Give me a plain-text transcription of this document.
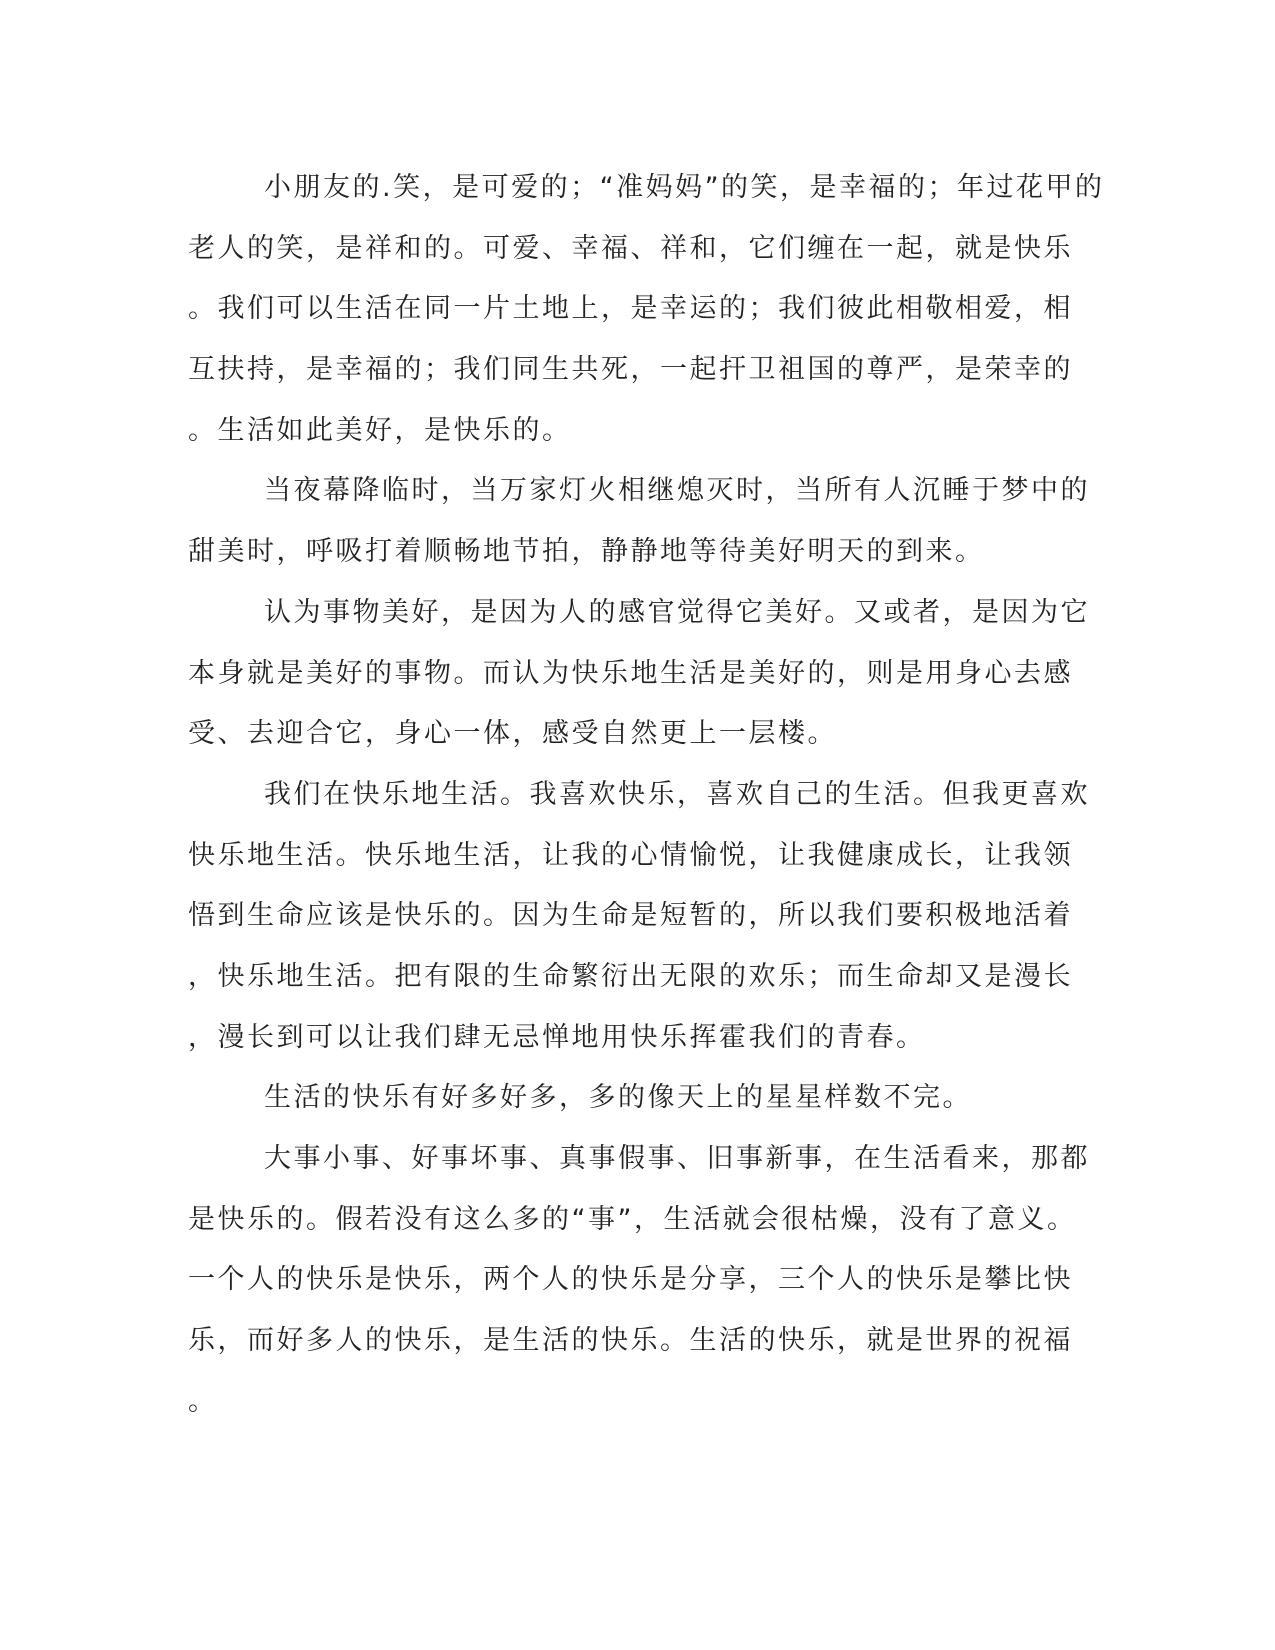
小朋友的.笑，是可爱的；“准妈妈”的笑，是幸福的；年过花甲的
老人的笑，是祥和的。可爱、幸福、祥和，它们缠在一起，就是快乐
。我们可以生活在同一片土地上，是幸运的；我们彼此相敬相爱，相
互扶持，是幸福的；我们同生共死，一起扞卫祖国的尊严，是荣幸的
。生活如此美好，是快乐的。
当夜幕降临时，当万家灯火相继熄灭时，当所有人沉睡于梦中的
甜美时，呼吸打着顺畅地节拍，静静地等待美好明天的到来。
认为事物美好，是因为人的感官觉得它美好。又或者，是因为它
本身就是美好的事物。而认为快乐地生活是美好的，则是用身心去感
受、去迎合它，身心一体，感受自然更上一层楼。
我们在快乐地生活。我喜欢快乐，喜欢自己的生活。但我更喜欢
快乐地生活。快乐地生活，让我的心情愉悦，让我健康成长，让我领
悟到生命应该是快乐的。因为生命是短暂的，所以我们要积极地活着
，快乐地生活。把有限的生命繁衍出无限的欢乐；而生命却又是漫长
，漫长到可以让我们肆无忌惮地用快乐挥霍我们的青春。
生活的快乐有好多好多，多的像天上的星星样数不完。
大事小事、好事坏事、真事假事、旧事新事，在生活看来，那都
是快乐的。假若没有这么多的“事”，生活就会很枯燥，没有了意义。
一个人的快乐是快乐，两个人的快乐是分享，三个人的快乐是攀比快
乐，而好多人的快乐，是生活的快乐。生活的快乐，就是世界的祝福
。
